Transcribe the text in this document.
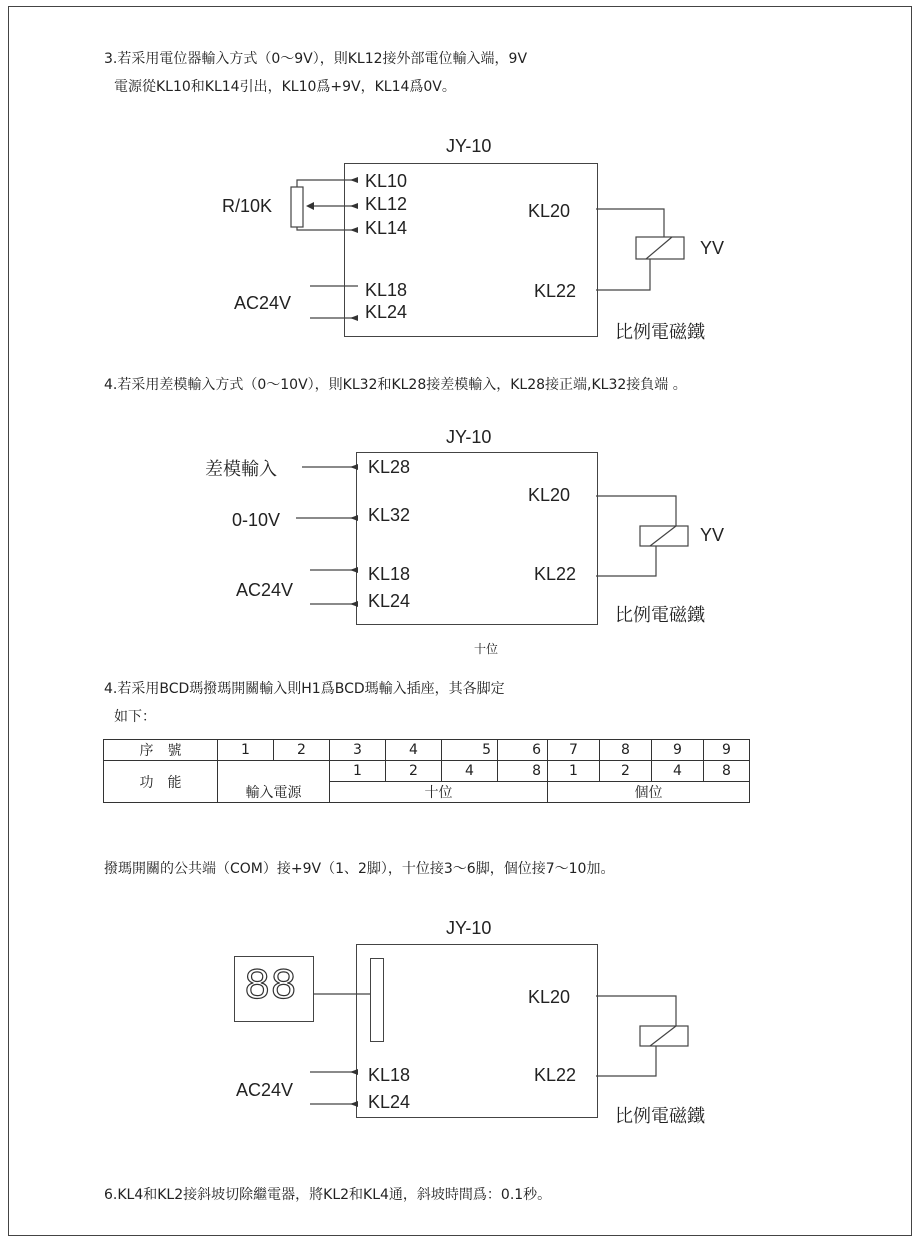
3.若采用電位器輸入方式（0～9V），則KL12接外部電位輸入端，9V
電源從KL10和KL14引出，KL10爲+9V，KL14爲0V。
JY-10
KL10
KL12
KL14
KL18
KL24
KL20
KL22
R/10K
AC24V
YV
比例電磁鐵
4.若采用差模輸入方式（0～10V），則KL32和KL28接差模輸入，KL28接正端,KL32接負端 。
JY-10
差模輸入
0-10V
KL28
KL32
KL18
KL24
KL20
KL22
AC24V
YV
比例電磁鐵
十位
4.若采用BCD瑪撥瑪開關輸入則H1爲BCD瑪輸入插座，其各脚定
如下：
序　號	1	2	3	4	5	6	7	8	9	9
功　能			1	2	4	8	1	2	4	8
	輸入電源		十位				個位			
撥瑪開關的公共端（COM）接+9V（1、2脚），十位接3～6脚，個位接7～10加。
JY-10
88
KL18
KL24
KL20
KL22
AC24V
比例電磁鐵
6.KL4和KL2接斜坡切除繼電器，將KL2和KL4通，斜坡時間爲：0.1秒。
